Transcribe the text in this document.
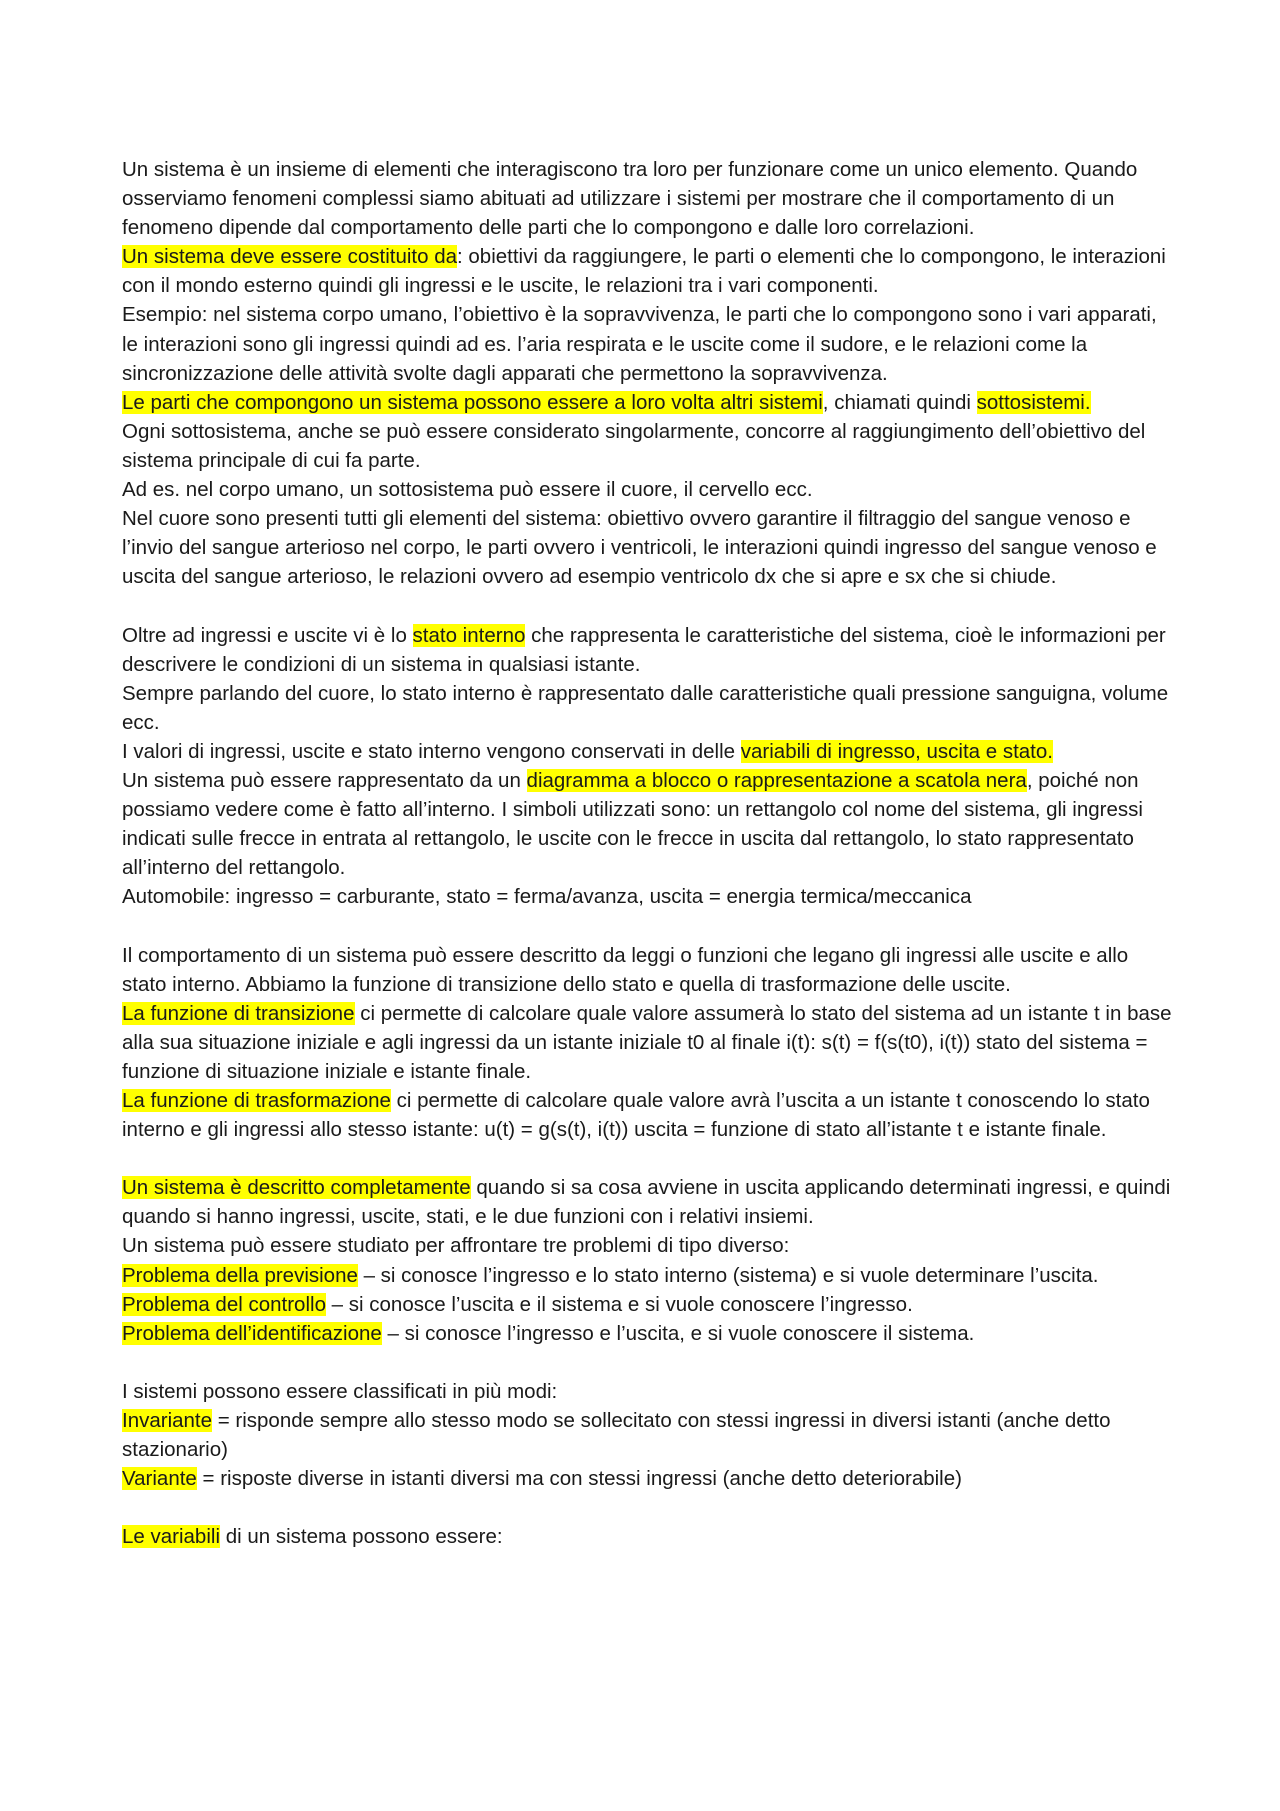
Un sistema è un insieme di elementi che interagiscono tra loro per funzionare come un unico elemento. Quando osserviamo fenomeni complessi siamo abituati ad utilizzare i sistemi per mostrare che il comportamento di un fenomeno dipende dal comportamento delle parti che lo compongono e dalle loro correlazioni.

Un sistema deve essere costituito da: obiettivi da raggiungere, le parti o elementi che lo compongono, le interazioni con il mondo esterno quindi gli ingressi e le uscite, le relazioni tra i vari componenti.

Esempio: nel sistema corpo umano, l’obiettivo è la sopravvivenza, le parti che lo compongono sono i vari apparati, le interazioni sono gli ingressi quindi ad es. l’aria respirata e le uscite come il sudore, e le relazioni come la sincronizzazione delle attività svolte dagli apparati che permettono la sopravvivenza.

Le parti che compongono un sistema possono essere a loro volta altri sistemi, chiamati quindi sottosistemi.

Ogni sottosistema, anche se può essere considerato singolarmente, concorre al raggiungimento dell’obiettivo del sistema principale di cui fa parte.

Ad es. nel corpo umano, un sottosistema può essere il cuore, il cervello ecc.

Nel cuore sono presenti tutti gli elementi del sistema: obiettivo ovvero garantire il filtraggio del sangue venoso e l’invio del sangue arterioso nel corpo, le parti ovvero i ventricoli, le interazioni quindi ingresso del sangue venoso e uscita del sangue arterioso, le relazioni ovvero ad esempio ventricolo dx che si apre e sx che si chiude.

Oltre ad ingressi e uscite vi è lo stato interno che rappresenta le caratteristiche del sistema, cioè le informazioni per descrivere le condizioni di un sistema in qualsiasi istante.

Sempre parlando del cuore, lo stato interno è rappresentato dalle caratteristiche quali pressione sanguigna, volume ecc.

I valori di ingressi, uscite e stato interno vengono conservati in delle variabili di ingresso, uscita e stato.

Un sistema può essere rappresentato da un diagramma a blocco o rappresentazione a scatola nera, poiché non possiamo vedere come è fatto all’interno. I simboli utilizzati sono: un rettangolo col nome del sistema, gli ingressi indicati sulle frecce in entrata al rettangolo, le uscite con le frecce in uscita dal rettangolo, lo stato rappresentato all’interno del rettangolo.

Automobile: ingresso = carburante, stato = ferma/avanza, uscita = energia termica/meccanica

Il comportamento di un sistema può essere descritto da leggi o funzioni che legano gli ingressi alle uscite e allo stato interno. Abbiamo la funzione di transizione dello stato e quella di trasformazione delle uscite.

La funzione di transizione ci permette di calcolare quale valore assumerà lo stato del sistema ad un istante t in base alla sua situazione iniziale e agli ingressi da un istante iniziale t0 al finale i(t): s(t) = f(s(t0), i(t)) stato del sistema = funzione di situazione iniziale e istante finale.

La funzione di trasformazione ci permette di calcolare quale valore avrà l’uscita a un istante t conoscendo lo stato interno e gli ingressi allo stesso istante: u(t) = g(s(t), i(t)) uscita = funzione di stato all’istante t e istante finale.

Un sistema è descritto completamente quando si sa cosa avviene in uscita applicando determinati ingressi, e quindi quando si hanno ingressi, uscite, stati, e le due funzioni con i relativi insiemi.

Un sistema può essere studiato per affrontare tre problemi di tipo diverso:

Problema della previsione – si conosce l’ingresso e lo stato interno (sistema) e si vuole determinare l’uscita.

Problema del controllo – si conosce l’uscita e il sistema e si vuole conoscere l’ingresso.

Problema dell’identificazione – si conosce l’ingresso e l’uscita, e si vuole conoscere il sistema.

I sistemi possono essere classificati in più modi:

Invariante = risponde sempre allo stesso modo se sollecitato con stessi ingressi in diversi istanti (anche detto stazionario)

Variante = risposte diverse in istanti diversi ma con stessi ingressi (anche detto deteriorabile)

Le variabili di un sistema possono essere:
